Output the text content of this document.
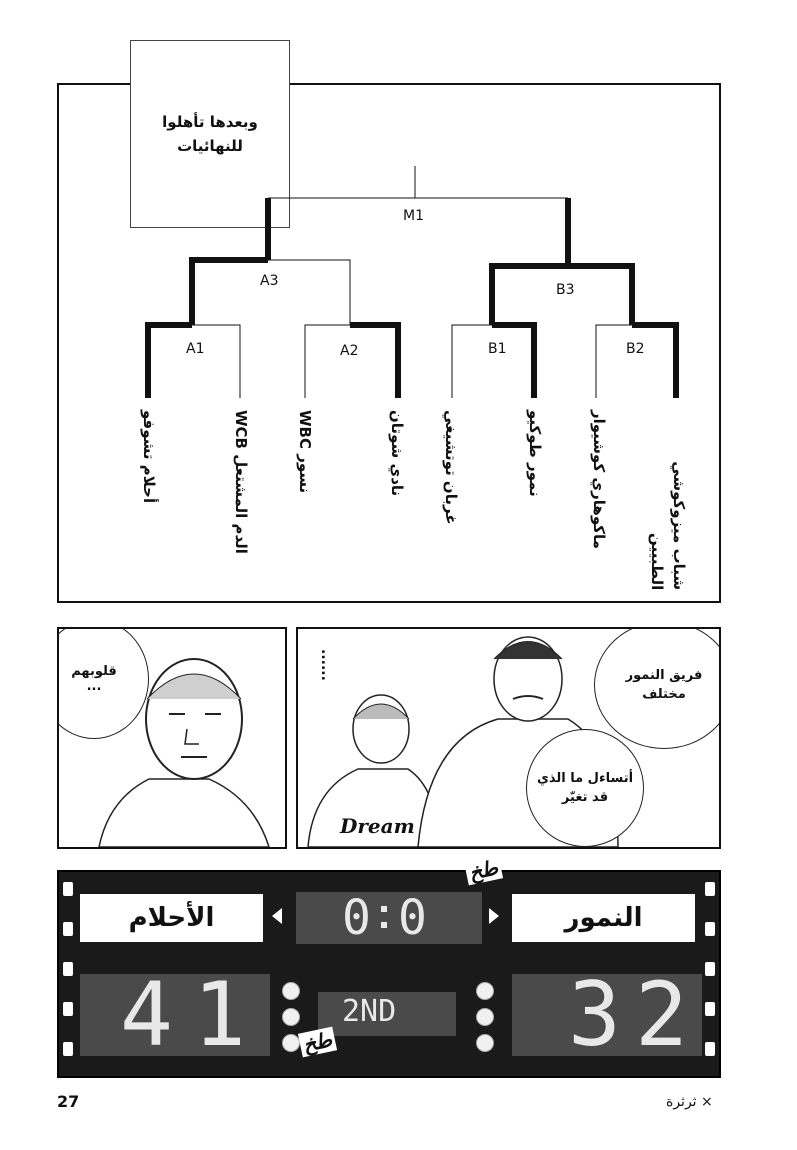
وبعدها تأهلوا
للنهائيات
M1
A3
B3
A1	A2	B1	B2
شباب ميزوكوشي
الطبيين
ماكوهاري كوشيوار
نمور طوكيو
غربان توتشيغي
نادي شوتان
نسور WBC
الدم المشتعل WCB
أحلام تشوفو
قلوبهم
...
Dream
......	فريق النمور
مختلف
أتساءل ما الذي
قد تغيّر
الأحلام	النمور
0 0
41	32
2ND
طخ
طخ
27	× ثرثرة
